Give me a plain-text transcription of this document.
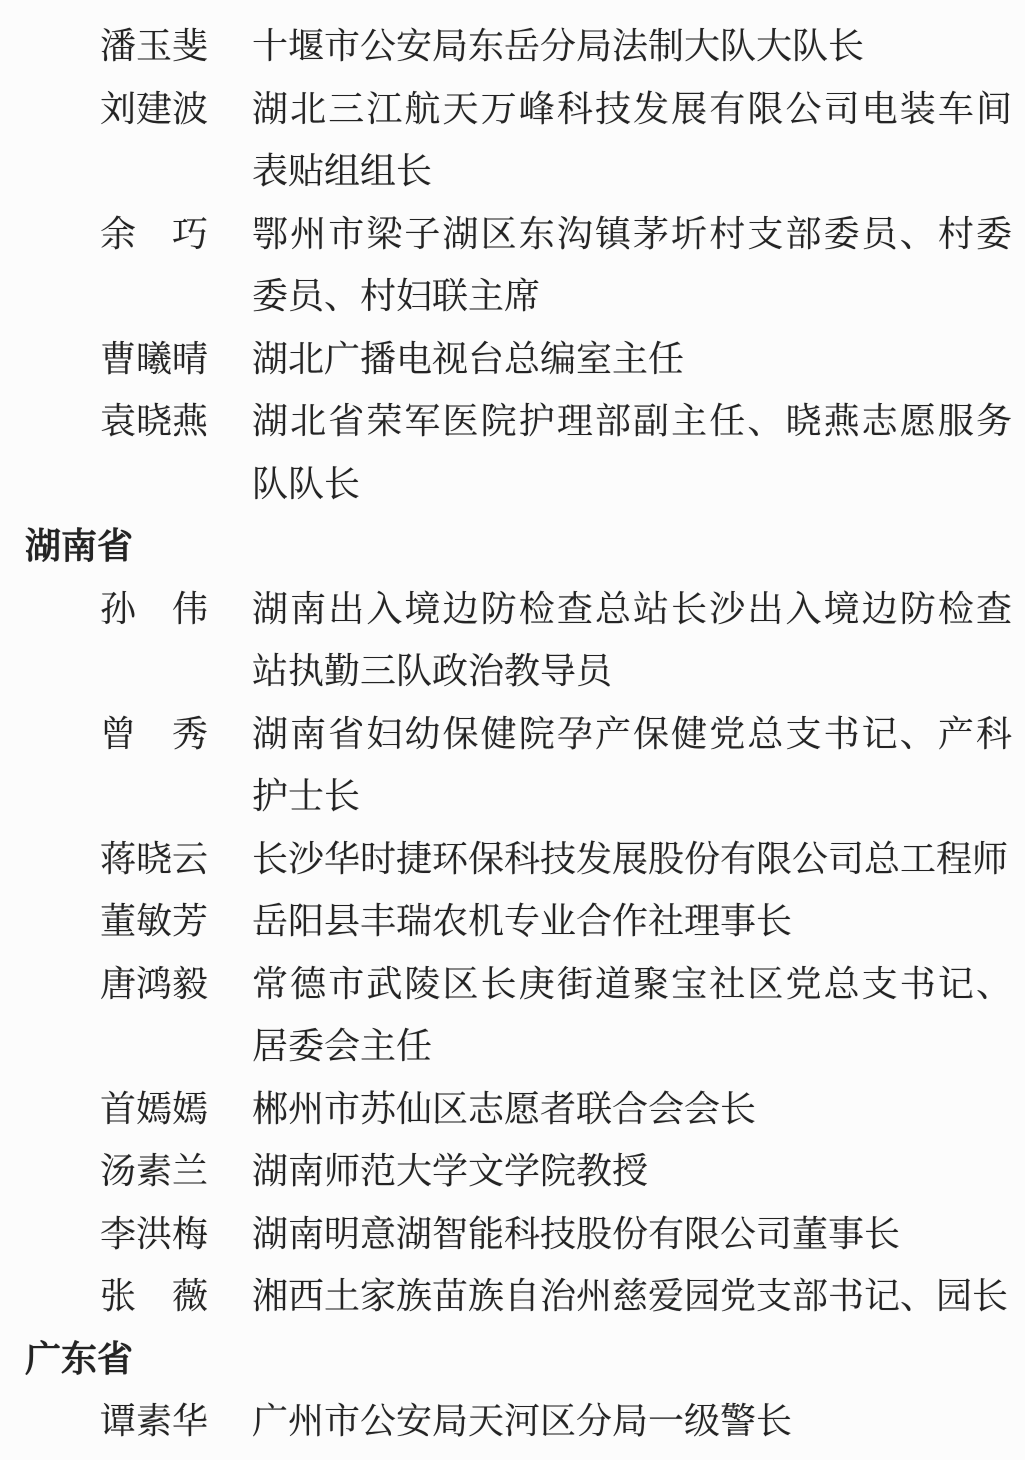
潘玉斐 十堰市公安局东岳分局法制大队大队长
刘建波 湖北三江航天万峰科技发展有限公司电装车间
表贴组组长
余巧 鄂州市梁子湖区东沟镇茅圻村支部委员、村委
委员、村妇联主席
曹曦晴 湖北广播电视台总编室主任
袁晓燕 湖北省荣军医院护理部副主任、晓燕志愿服务
队队长
湖南省
孙伟 湖南出入境边防检查总站长沙出入境边防检查
站执勤三队政治教导员
曾秀 湖南省妇幼保健院孕产保健党总支书记、产科
护士长
蒋晓云 长沙华时捷环保科技发展股份有限公司总工程师
董敏芳 岳阳县丰瑞农机专业合作社理事长
唐鸿毅 常德市武陵区长庚街道聚宝社区党总支书记、
居委会主任
首嫣嫣 郴州市苏仙区志愿者联合会会长
汤素兰 湖南师范大学文学院教授
李洪梅 湖南明意湖智能科技股份有限公司董事长
张薇 湘西土家族苗族自治州慈爱园党支部书记、园长
广东省
谭素华 广州市公安局天河区分局一级警长
